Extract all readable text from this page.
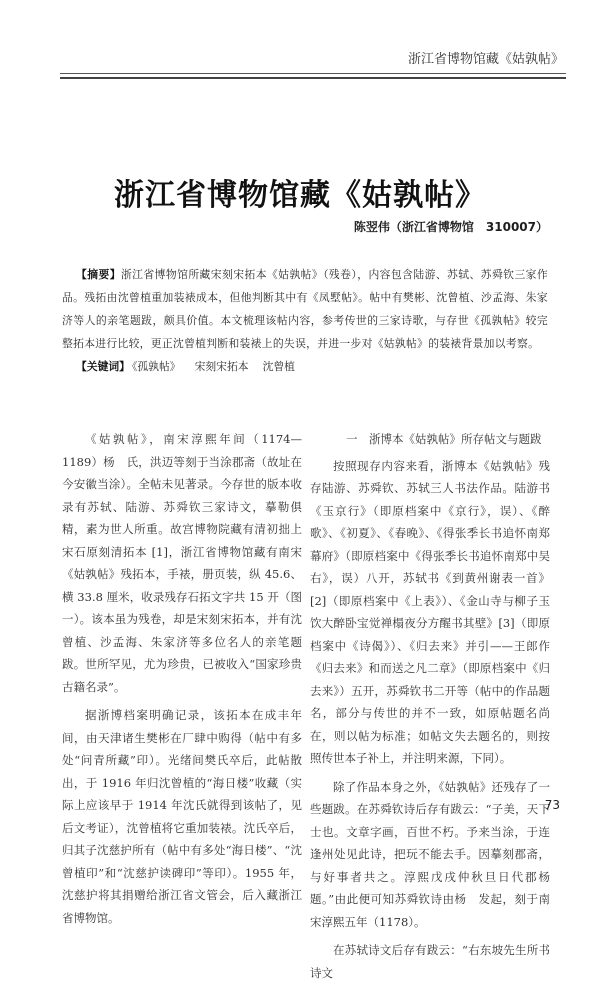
浙江省博物馆藏《姑孰帖》
浙江省博物馆藏《姑孰帖》
陈翌伟（浙江省博物馆　310007）
【摘要】浙江省博物馆所藏宋刻宋拓本《姑孰帖》（残卷），内容包含陆游、苏轼、苏舜钦三家作品。残拓由沈曾植重加装裱成本，但他判断其中有《凤墅帖》。帖中有樊彬、沈曾植、沙孟海、朱家济等人的亲笔题跋，颇具价值。本文梳理该帖内容，参考传世的三家诗歌，与存世《孤孰帖》较完整拓本进行比较，更正沈曾植判断和装裱上的失误，并进一步对《姑孰帖》的装裱背景加以考察。
【关键词】 《孤孰帖》 宋刻宋拓本 沈曾植

《姑孰帖》，南宋淳熙年间（1174—1189）杨　氏，洪迈等刻于当涂郡斋（故址在今安徽当涂）。全帖未见著录。今存世的版本收录有苏轼、陆游、苏舜钦三家诗文，摹勒俱精，素为世人所重。故宫博物院藏有清初拙上宋石原刻清拓本 [1]，浙江省博物馆藏有南宋《姑孰帖》残拓本，手裱，册页装，纵 45.6、横 33.8 厘米，收录残存石拓文字共 15 开（图一）。该本虽为残卷，却是宋刻宋拓本，并有沈曾植、沙孟海、朱家济等多位名人的亲笔题跋。世所罕见，尤为珍贵，已被收入“国家珍贵古籍名录”。

据浙博档案明确记录，该拓本在成丰年间，由天津诸生樊彬在厂肆中购得（帖中有多处“问青所藏”印）。光绪间樊氏卒后，此帖散出，于 1916 年归沈曾植的“海日楼”收藏（实际上应该早于 1914 年沈氏就得到该帖了，见后文考证），沈曾植将它重加装裱。沈氏卒后，归其子沈慈护所有（帖中有多处“海日楼”、“沈曾植印”和“沈慈护读碑印”等印）。1955 年，沈慈护将其捐赠给浙江省文管会，后入藏浙江省博物馆。

一　浙博本《姑孰帖》所存帖文与题跋

按照现存内容来看，浙博本《姑孰帖》残存陆游、苏舜钦、苏轼三人书法作品。陆游书《玉京行》（即原档案中《京行》，误）、《醉歌》、《初夏》、《春晚》、《得张季长书追怀南郑幕府》（即原档案中《得张季长书追怀南郑中吴右》，误）八开，苏轼书《到黄州谢表一首》[2]（即原档案中《上表》）、《金山寺与柳子玉饮大醉卧宝觉禅榻夜分方醒书其壁》[3]（即原档案中《诗偈》）、《归去来》并引——王郎作《归去来》和而送之凡二章》（即原档案中《归去来》）五开，苏舜钦书二开等（帖中的作品题名，部分与传世的并不一致，如原帖题名尚在，则以帖为标准；如帖文失去题名的，则按照传世本子补上，并注明来源，下同）。

除了作品本身之外，《姑孰帖》还残存了一些题跋。在苏舜钦诗后存有跋云：“子美，天下士也。文章字画，百世不朽。予来当涂，于连逢州处见此诗，把玩不能去手。因摹刻郡斋，与好事者共之。淳熙戊戌仲秋旦日代郡杨　题。”由此便可知苏舜钦诗由杨　发起，刻于南宋淳熙五年（1178）。

在苏轼诗文后存有跋云：“右东坡先生所书诗文

73
